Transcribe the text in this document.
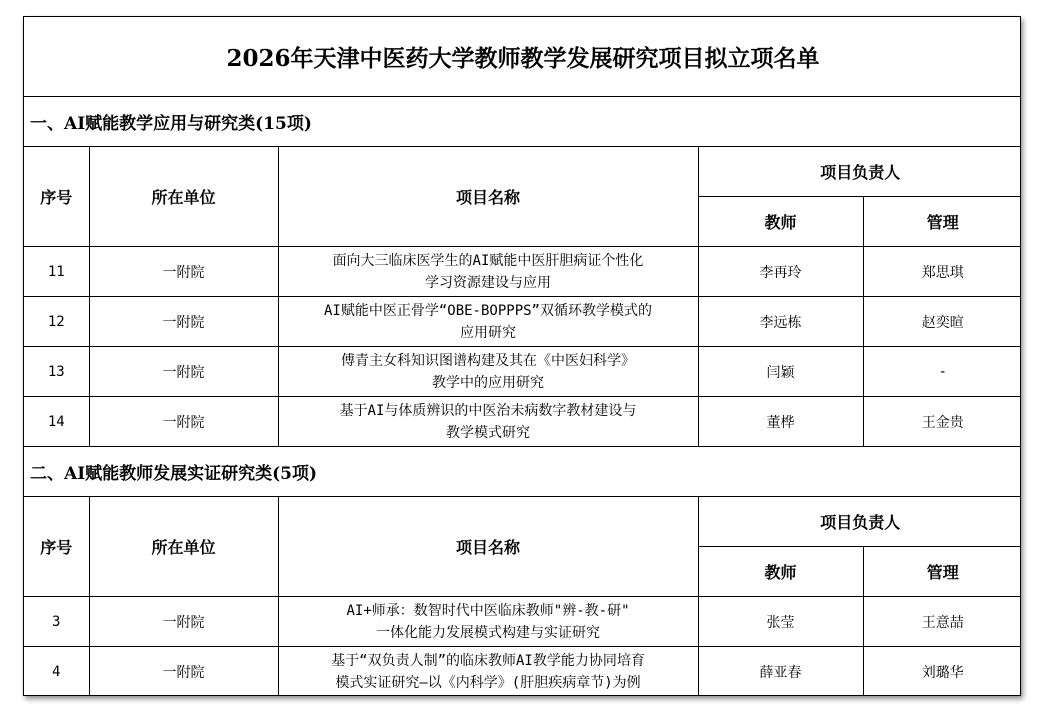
2026年天津中医药大学教师教学发展研究项目拟立项名单				
一、AI赋能教学应用与研究类(15项)				
序号	所在单位	项目名称	项目负责人	
			教师	管理
11	一附院	面向大三临床医学生的AI赋能中医肝胆病证个性化
学习资源建设与应用	李再玲	郑思琪
12	一附院	AI赋能中医正骨学“OBE-BOPPPS”双循环教学模式的
应用研究	李远栋	赵奕暄
13	一附院	傅青主女科知识图谱构建及其在《中医妇科学》
教学中的应用研究	闫颖	-
14	一附院	基于AI与体质辨识的中医治未病数字教材建设与
教学模式研究	董桦	王金贵
二、AI赋能教师发展实证研究类(5项)				
序号	所在单位	项目名称	项目负责人	
			教师	管理
3	一附院	AI+师承：数智时代中医临床教师"辨-教-研"
一体化能力发展模式构建与实证研究	张莹	王意喆
4	一附院	基于“双负责人制”的临床教师AI教学能力协同培育
模式实证研究—以《内科学》(肝胆疾病章节)为例	薛亚春	刘璐华
